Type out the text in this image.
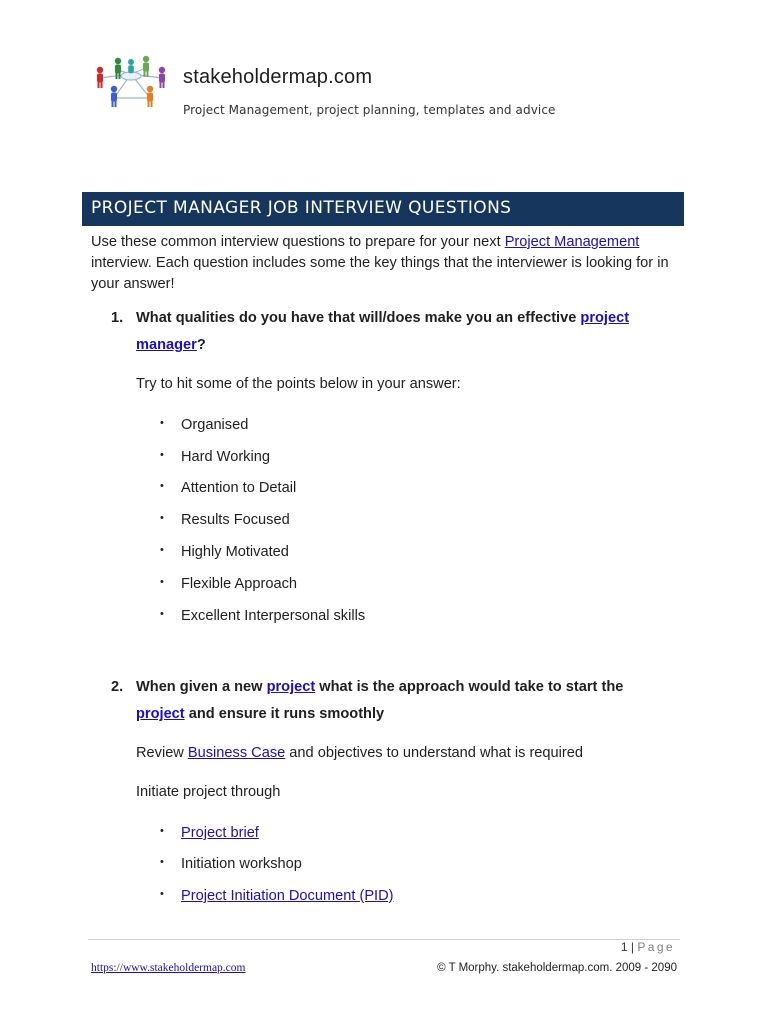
stakeholdermap.com
Project Management, project planning, templates and advice
PROJECT MANAGER JOB INTERVIEW QUESTIONS
Use these common interview questions to prepare for your next Project Management interview. Each question includes some the key things that the interviewer is looking for in your answer!
1. What qualities do you have that will/does make you an effective project manager?
Try to hit some of the points below in your answer:
• Organised
• Hard Working
• Attention to Detail
• Results Focused
• Highly Motivated
• Flexible Approach
• Excellent Interpersonal skills
2. When given a new project what is the approach would take to start the project and ensure it runs smoothly
Review Business Case and objectives to understand what is required
Initiate project through
• Project brief
• Initiation workshop
• Project Initiation Document (PID)
1 | Page
https://www.stakeholdermap.com	© T Morphy. stakeholdermap.com. 2009 - 2090
